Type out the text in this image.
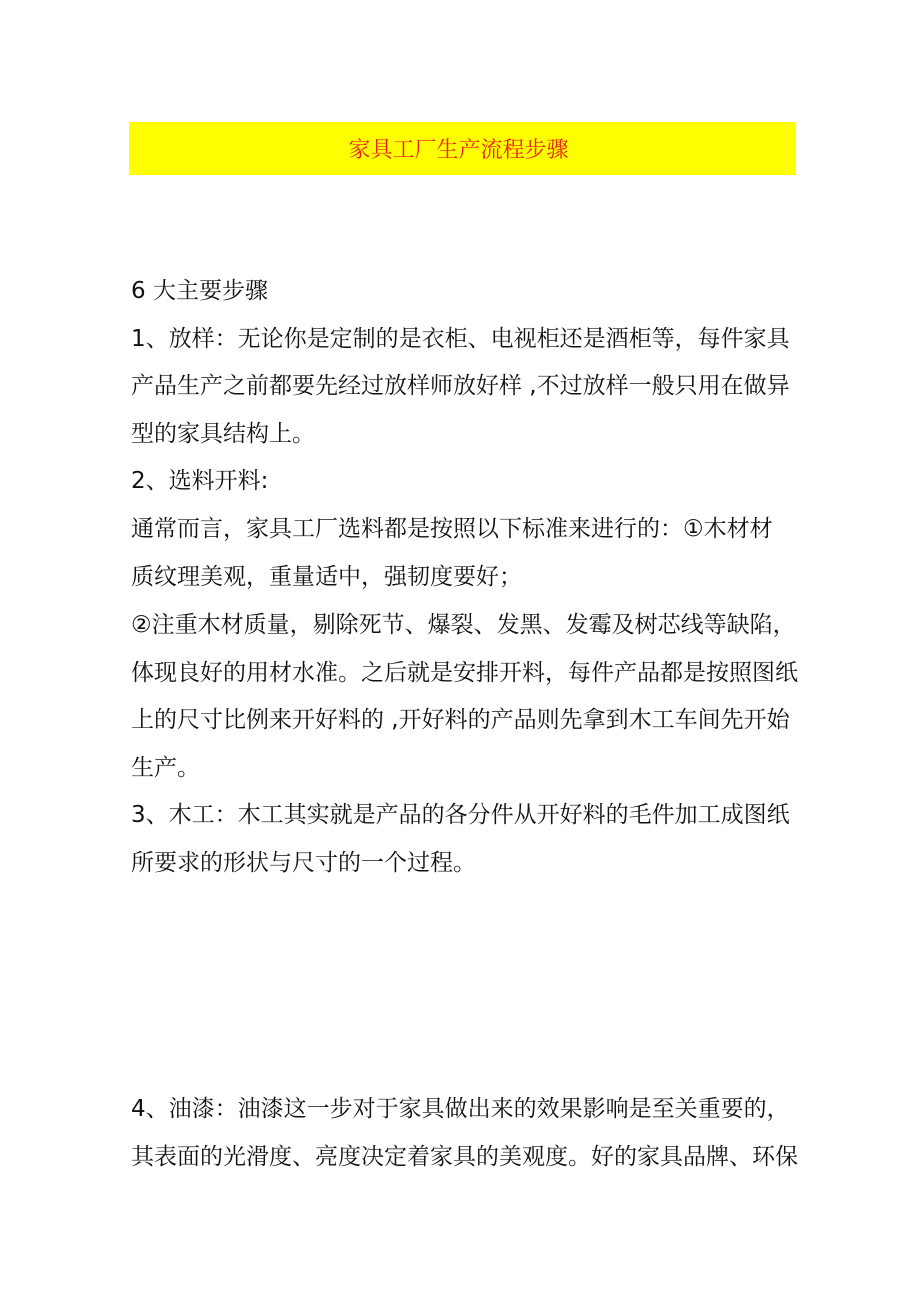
家具工厂生产流程步骤
6 大主要步骤
1、放样：无论你是定制的是衣柜、电视柜还是酒柜等，每件家具
产品生产之前都要先经过放样师放好样 ,不过放样一般只用在做异
型的家具结构上。
2、选料开料:
通常而言，家具工厂选料都是按照以下标准来进行的：①木材材
质纹理美观，重量适中，强韧度要好；
②注重木材质量，剔除死节、爆裂、发黑、发霉及树芯线等缺陷，
体现良好的用材水准。之后就是安排开料，每件产品都是按照图纸
上的尺寸比例来开好料的 ,开好料的产品则先拿到木工车间先开始
生产。
3、木工：木工其实就是产品的各分件从开好料的毛件加工成图纸
所要求的形状与尺寸的一个过程。
4、油漆：油漆这一步对于家具做出来的效果影响是至关重要的，
其表面的光滑度、亮度决定着家具的美观度。好的家具品牌、环保
